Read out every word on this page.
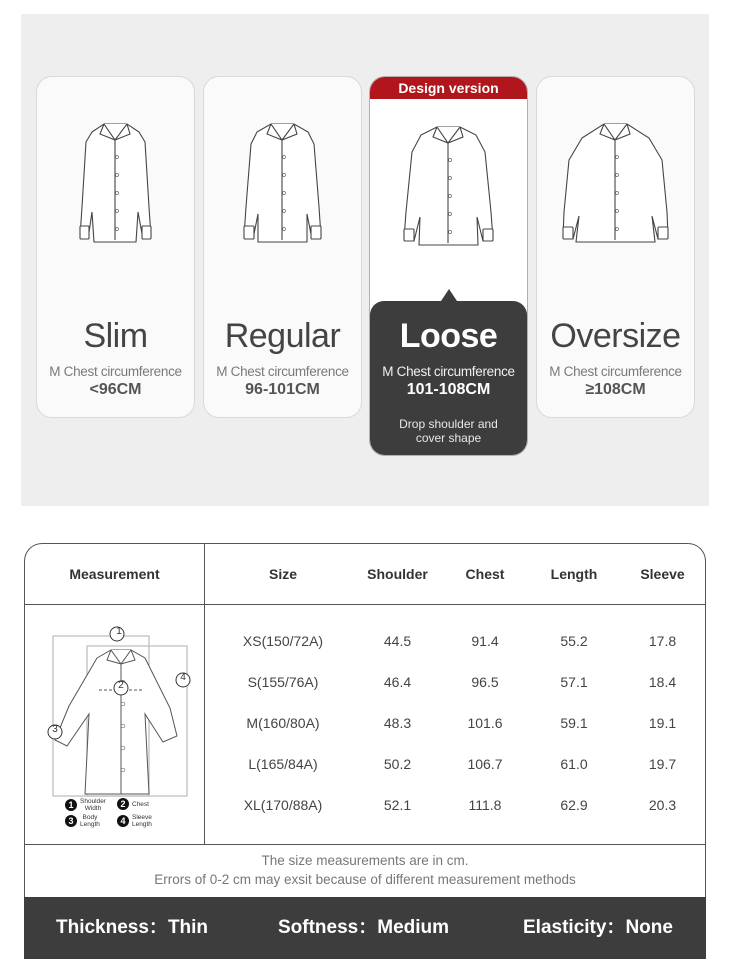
Slim
M Chest circumference
<96CM
Regular
M Chest circumference
96-101CM
Design version
Loose
M Chest circumference
101-108CM
Drop shoulder and
cover shape
Oversize
M Chest circumference
≥108CM
Measurement	Size	Shoulder	Chest	Length	Sleeve
1
2
3
4
1	Shoulder
Width	2	Chest
3	Body
Length	4	Sleeve
Length
XS(150/72A)	44.5	91.4	55.2	17.8
S(155/76A)	46.4	96.5	57.1	18.4
M(160/80A)	48.3	101.6	59.1	19.1
L(165/84A)	50.2	106.7	61.0	19.7
XL(170/88A)	52.1	111.8	62.9	20.3
The size measurements are in cm.
Errors of 0-2 cm may exsit because of different measurement methods
Thickness：Thin	Softness：Medium	Elasticity：None
